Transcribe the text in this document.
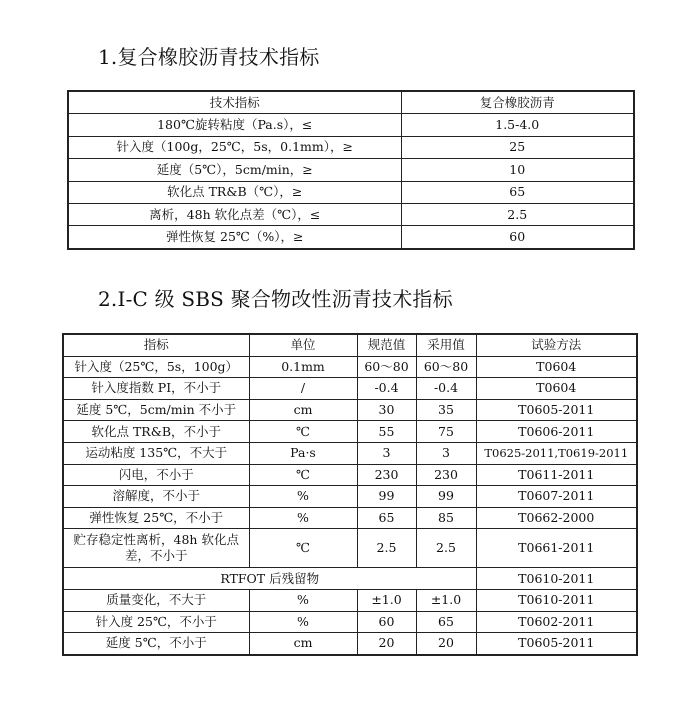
1.复合橡胶沥青技术指标
技术指标	复合橡胶沥青
180℃旋转粘度（Pa.s），≤	1.5-4.0
针入度（100g，25℃，5s，0.1mm），≥	25
延度（5℃），5cm/min，≥	10
软化点 TR&B（℃），≥	65
离析，48h 软化点差（℃），≤	2.5
弹性恢复 25℃（%），≥	60
2.I-C 级 SBS 聚合物改性沥青技术指标
指标	单位	规范值	采用值	试验方法
针入度（25℃，5s，100g）	0.1mm	60～80	60～80	T0604
针入度指数 PI，不小于	/	-0.4	-0.4	T0604
延度 5℃，5cm/min 不小于	cm	30	35	T0605-2011
软化点 TR&B，不小于	℃	55	75	T0606-2011
运动粘度 135℃，不大于	Pa·s	3	3	T0625-2011,T0619-2011
闪电，不小于	℃	230	230	T0611-2011
溶解度，不小于	%	99	99	T0607-2011
弹性恢复 25℃，不小于	%	65	85	T0662-2000
贮存稳定性离析，48h 软化点差，不小于	℃	2.5	2.5	T0661-2011
RTFOT 后残留物				T0610-2011
质量变化，不大于	%	±1.0	±1.0	T0610-2011
针入度 25℃，不小于	%	60	65	T0602-2011
延度 5℃，不小于	cm	20	20	T0605-2011
